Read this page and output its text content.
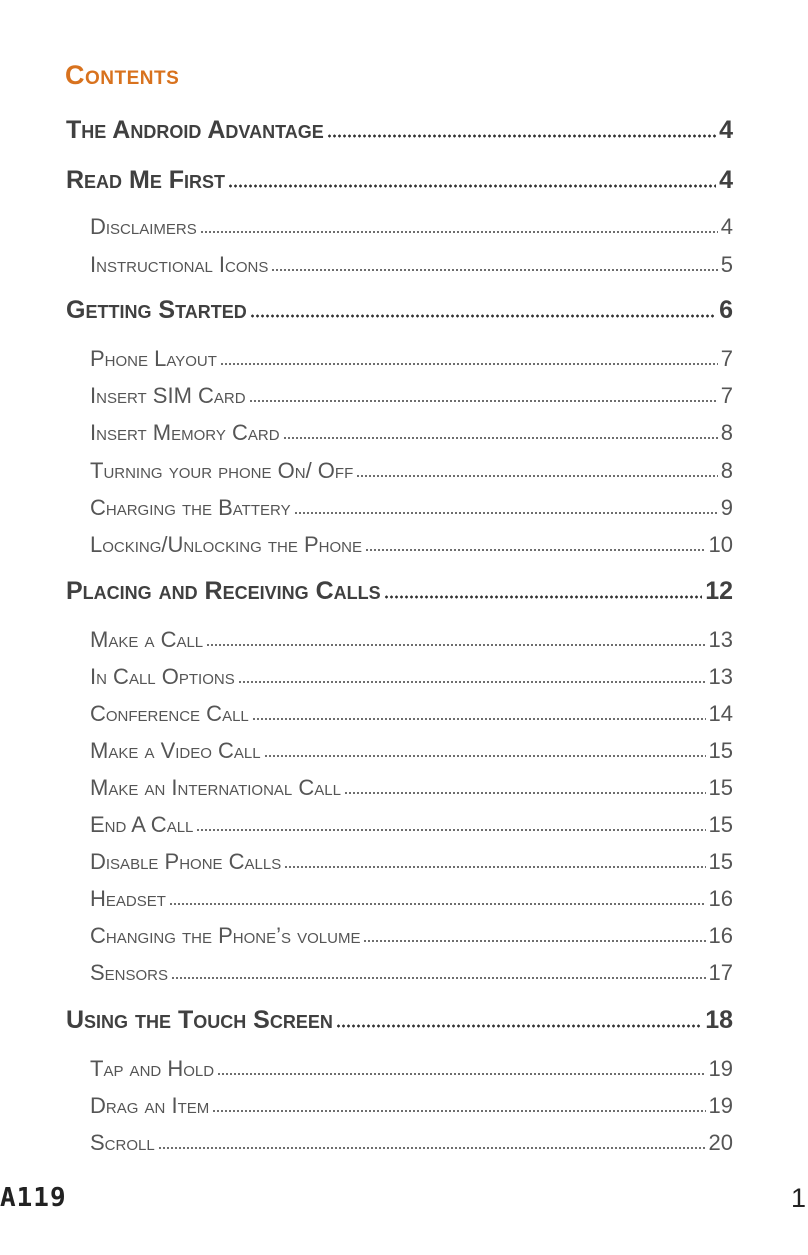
Contents
The Android Advantage	4
Read Me First	4
Disclaimers	4
Instructional Icons	5
Getting Started	6
Phone Layout	7
Insert SIM Card	7
Insert Memory Card	8
Turning your phone On/ Off	8
Charging the Battery	9
Locking/Unlocking the Phone	10
Placing and Receiving Calls	12
Make a Call	13
In Call Options	13
Conference Call	14
Make a Video Call	15
Make an International Call	15
End A Call	15
Disable Phone Calls	15
Headset	16
Changing the Phone’s volume	16
Sensors	17
Using the Touch Screen	18
Tap and Hold	19
Drag an Item	19
Scroll	20

A119	1
